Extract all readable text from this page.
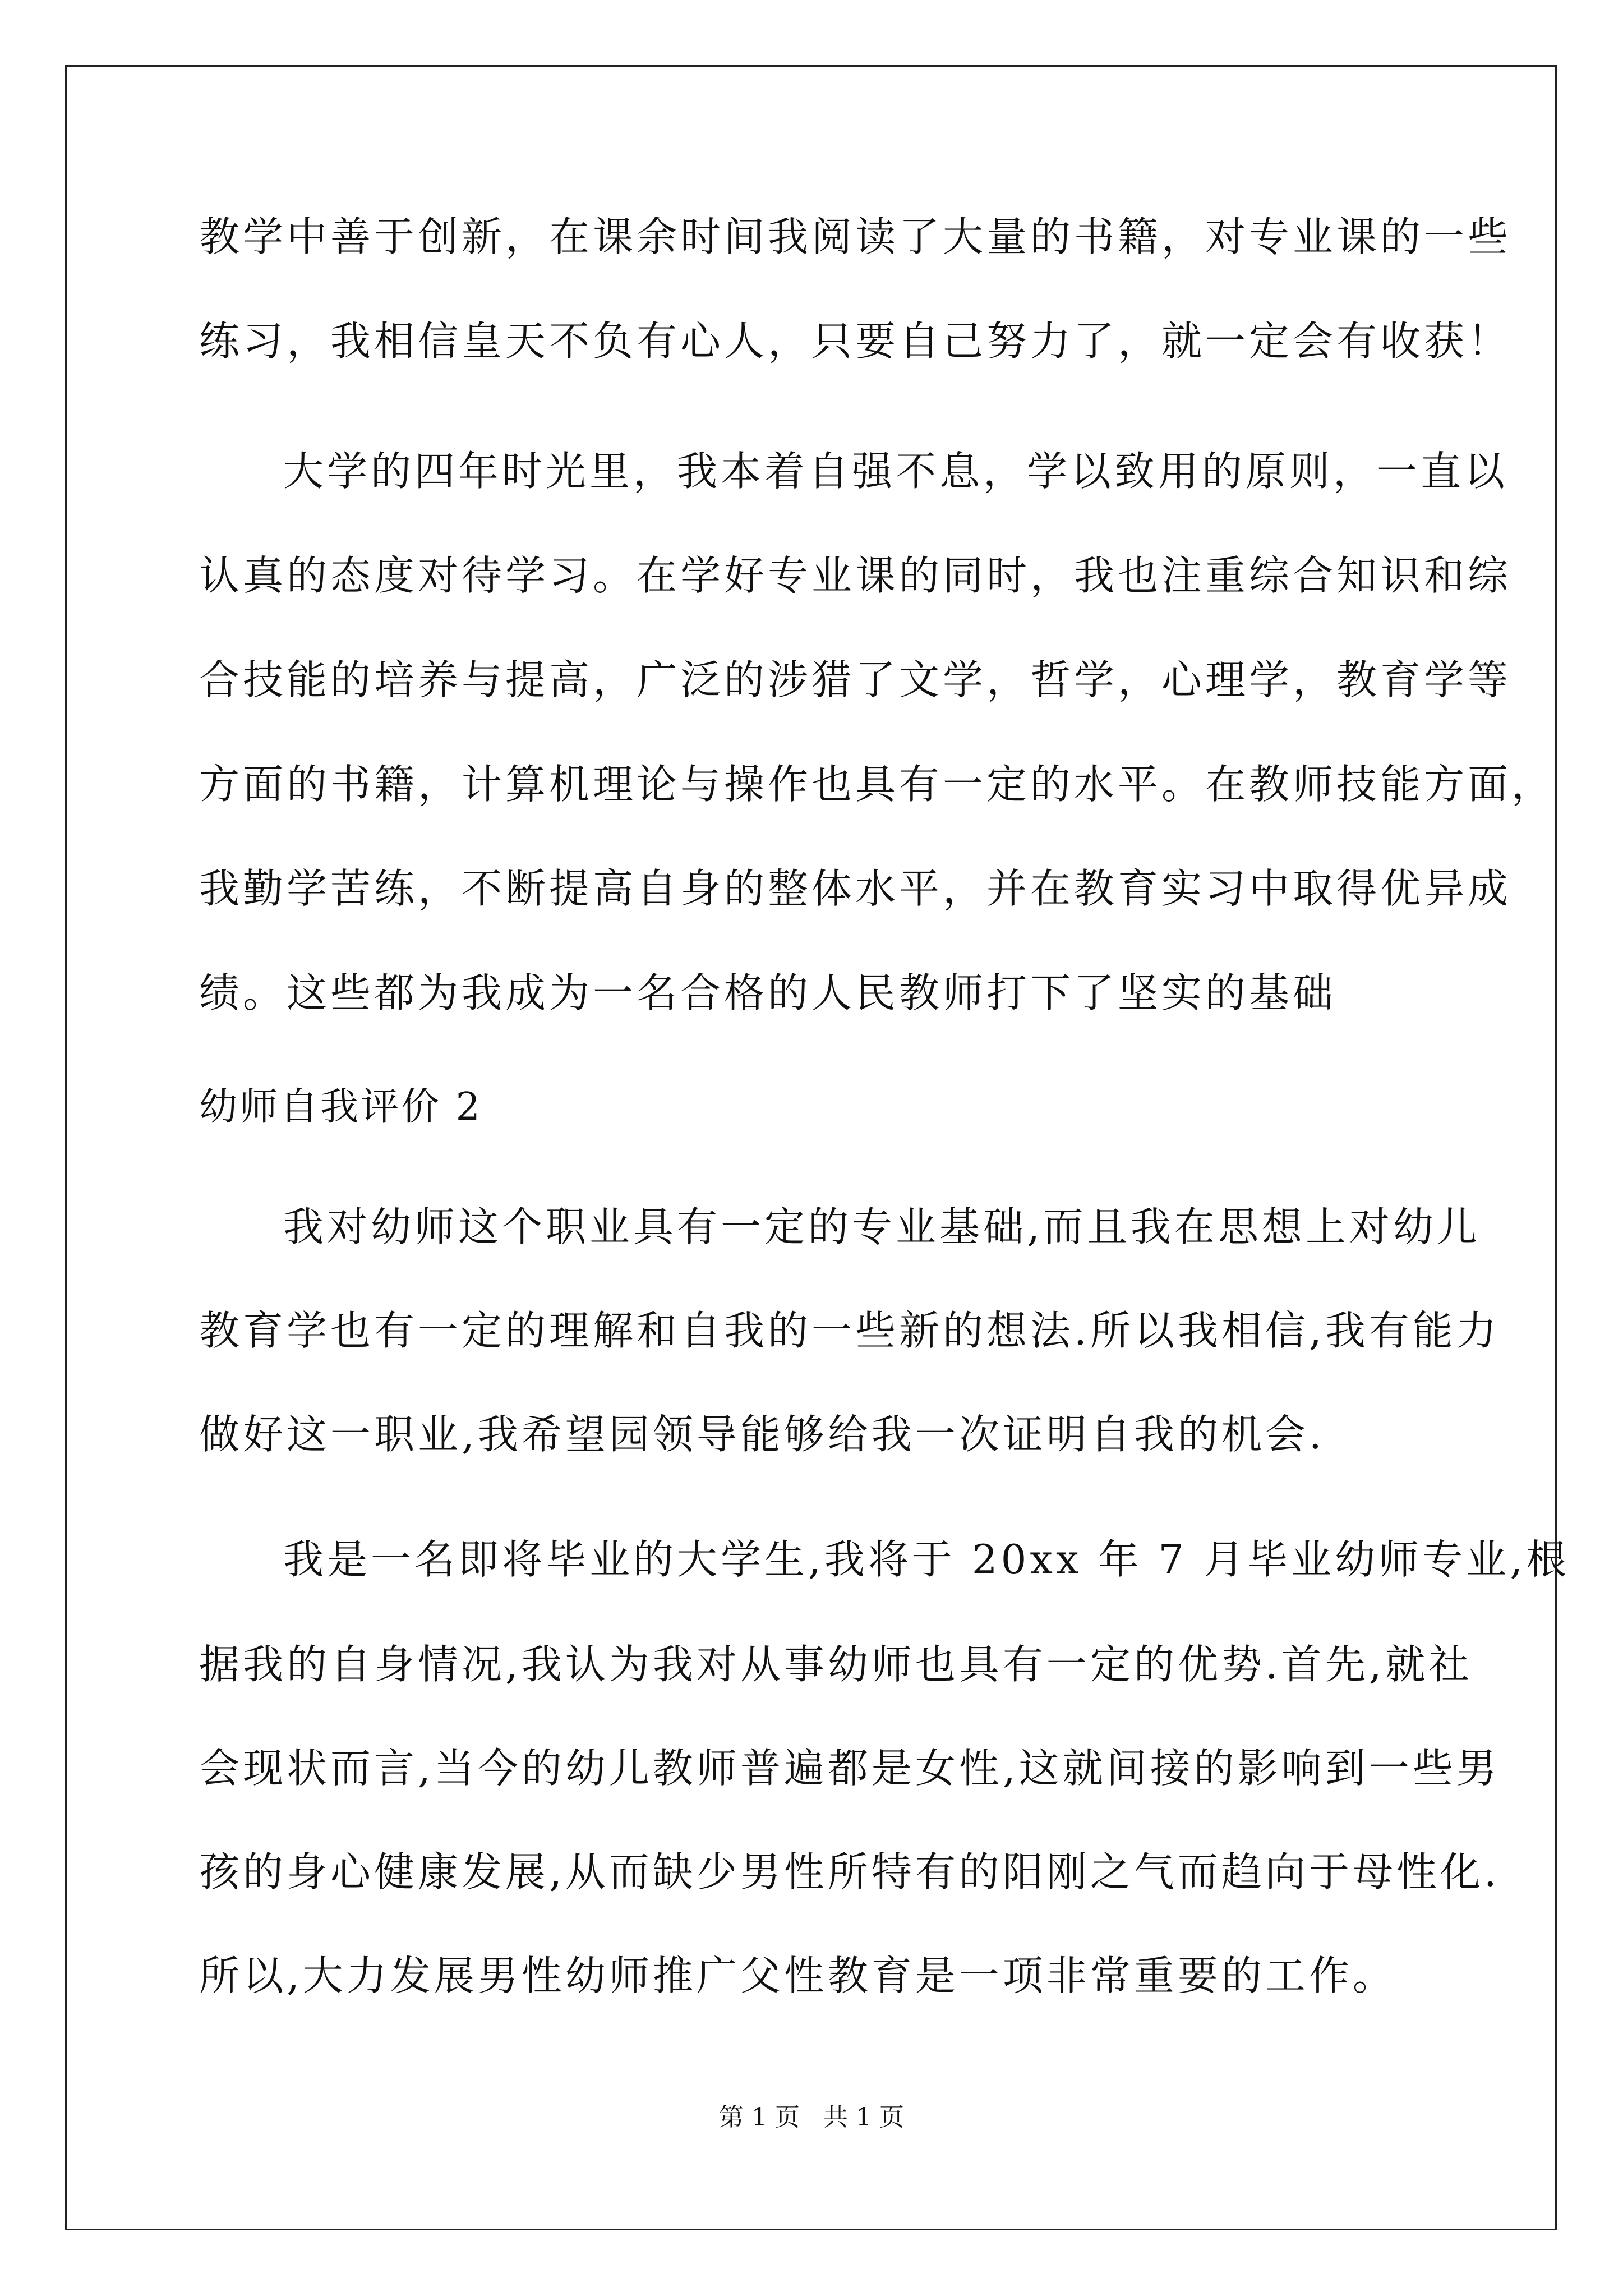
教学中善于创新，在课余时间我阅读了大量的书籍，对专业课的一些
练习，我相信皇天不负有心人，只要自己努力了，就一定会有收获！
大学的四年时光里，我本着自强不息，学以致用的原则，一直以
认真的态度对待学习。在学好专业课的同时，我也注重综合知识和综
合技能的培养与提高，广泛的涉猎了文学，哲学，心理学，教育学等
方面的书籍，计算机理论与操作也具有一定的水平。在教师技能方面，
我勤学苦练，不断提高自身的整体水平，并在教育实习中取得优异成
绩。这些都为我成为一名合格的人民教师打下了坚实的基础
幼师自我评价 2
我对幼师这个职业具有一定的专业基础,而且我在思想上对幼儿
教育学也有一定的理解和自我的一些新的想法.所以我相信,我有能力
做好这一职业,我希望园领导能够给我一次证明自我的机会.
我是一名即将毕业的大学生,我将于 20xx 年 7 月毕业幼师专业,根
据我的自身情况,我认为我对从事幼师也具有一定的优势.首先,就社
会现状而言,当今的幼儿教师普遍都是女性,这就间接的影响到一些男
孩的身心健康发展,从而缺少男性所特有的阳刚之气而趋向于母性化.
所以,大力发展男性幼师推广父性教育是一项非常重要的工作。
第 1 页   共 1 页
